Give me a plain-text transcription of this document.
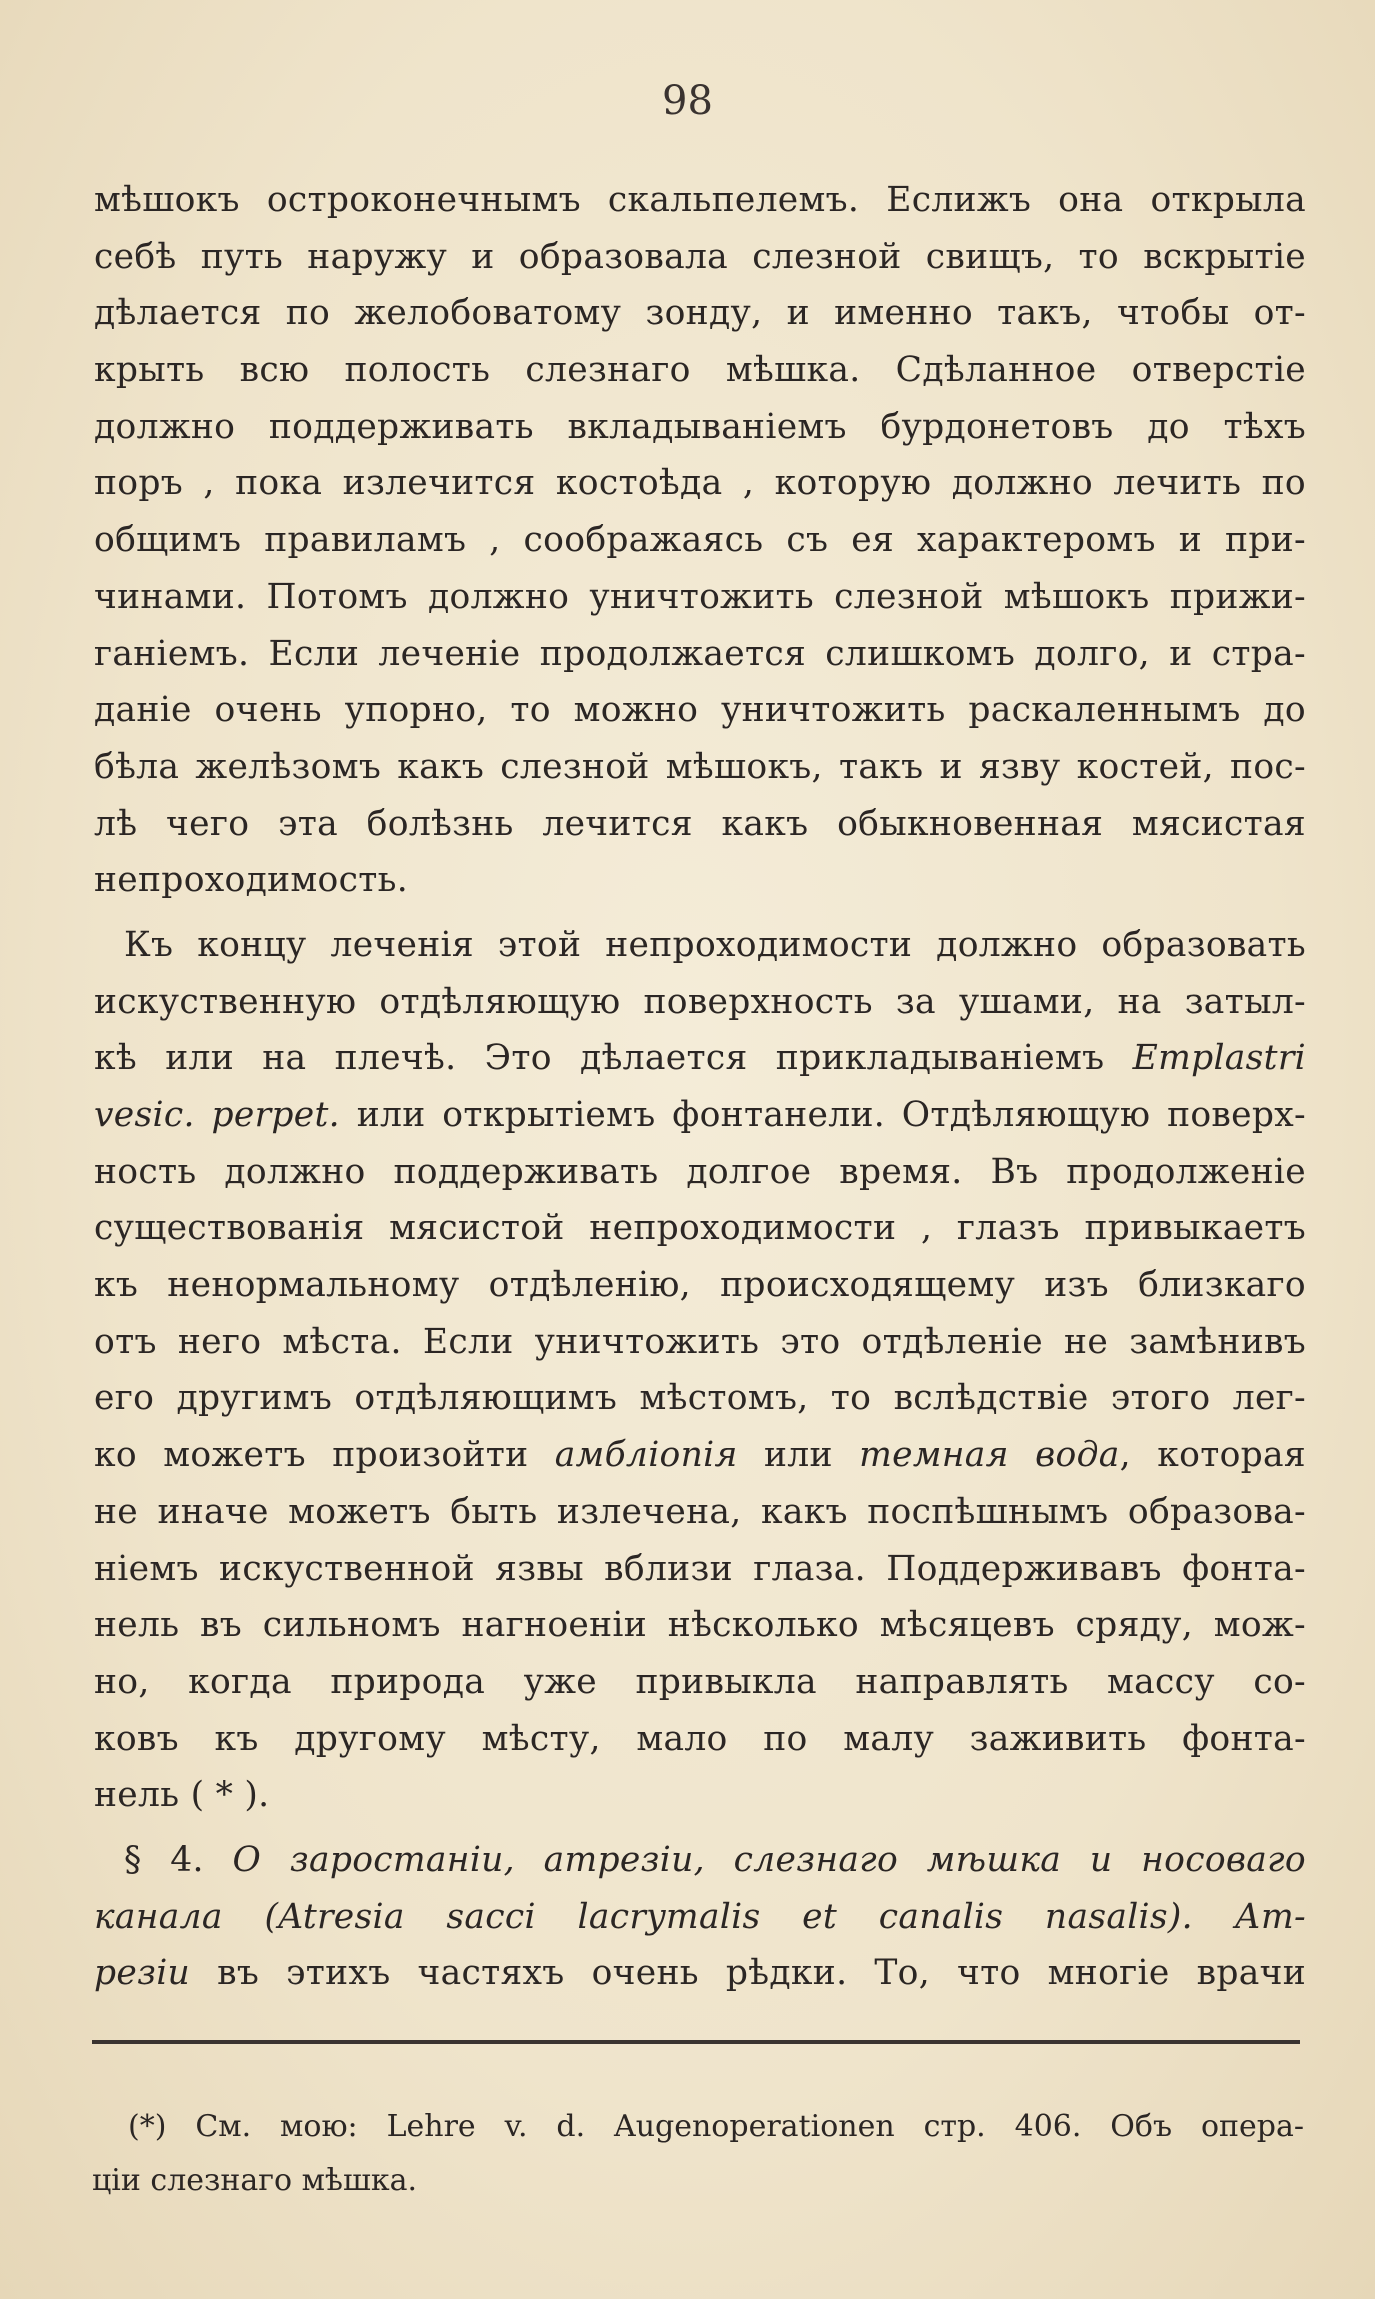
98
мѣшокъ остроконечнымъ скальпелемъ. Еслижъ она открыла
себѣ путь наружу и образовала слезной свищъ, то вскрытіе
дѣлается по желобоватому зонду, и именно такъ, чтобы от-
крыть всю полость слезнаго мѣшка. Сдѣланное отверстіе
должно поддерживать вкладываніемъ бурдонетовъ до тѣхъ
поръ , пока излечится костоѣда , которую должно лечить по
общимъ правиламъ , соображаясь съ ея характеромъ и при-
чинами. Потомъ должно уничтожить слезной мѣшокъ прижи-
ганіемъ. Если леченіе продолжается слишкомъ долго, и стра-
даніе очень упорно, то можно уничтожить раскаленнымъ до
бѣла желѣзомъ какъ слезной мѣшокъ, такъ и язву костей, пос-
лѣ чего эта болѣзнь лечится какъ обыкновенная мясистая
непроходимость.
Къ концу леченія этой непроходимости должно образовать
искуственную отдѣляющую поверхность за ушами, на затыл-
кѣ или на плечѣ. Это дѣлается прикладываніемъ Emplastri
vesic. perpet. или открытіемъ фонтанели. Отдѣляющую поверх-
ность должно поддерживать долгое время. Въ продолженіе
существованія мясистой непроходимости , глазъ привыкаетъ
къ ненормальному отдѣленію, происходящему изъ близкаго
отъ него мѣста. Если уничтожить это отдѣленіе не замѣнивъ
его другимъ отдѣляющимъ мѣстомъ, то вслѣдствіе этого лег-
ко можетъ произойти амбліопія или темная вода, которая
не иначе можетъ быть излечена, какъ поспѣшнымъ образова-
ніемъ искуственной язвы вблизи глаза. Поддерживавъ фонта-
нель въ сильномъ нагноеніи нѣсколько мѣсяцевъ сряду, мож-
но, когда природа уже привыкла направлять массу со-
ковъ къ другому мѣсту, мало по малу заживить фонта-
нель ( * ).
§ 4. О заростаніи, атрезіи, слезнаго мѣшка и носоваго
канала (Atresia sacci lacrymalis et canalis nasalis). Ат-
резіи въ этихъ частяхъ очень рѣдки. То, что многіе врачи
(*) См. мою: Lehre v. d. Augenoperationen стр. 406. Объ опера-
ціи слезнаго мѣшка.
